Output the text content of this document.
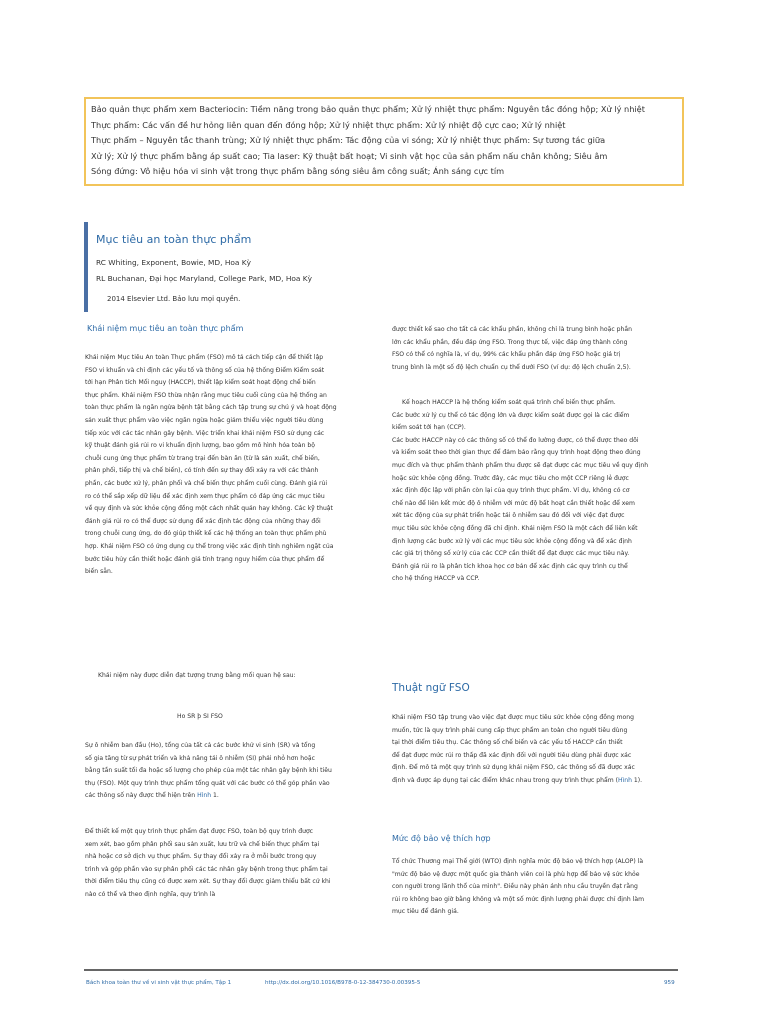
Bảo quản thực phẩm xem Bacteriocin: Tiềm năng trong bảo quản thực phẩm; Xử lý nhiệt thực phẩm: Nguyên tắc đóng hộp; Xử lý nhiệt
Thực phẩm: Các vấn đề hư hỏng liên quan đến đóng hộp; Xử lý nhiệt thực phẩm: Xử lý nhiệt độ cực cao; Xử lý nhiệt
Thực phẩm – Nguyên tắc thanh trùng; Xử lý nhiệt thực phẩm: Tác động của vi sóng; Xử lý nhiệt thực phẩm: Sự tương tác giữa
Xử lý; Xử lý thực phẩm bằng áp suất cao; Tia laser: Kỹ thuật bất hoạt; Vi sinh vật học của sản phẩm nấu chân không; Siêu âm
Sóng đứng: Vô hiệu hóa vi sinh vật trong thực phẩm bằng sóng siêu âm công suất; Ánh sáng cực tím
Mục tiêu an toàn thực phẩm
RC Whiting, Exponent, Bowie, MD, Hoa Kỳ
RL Buchanan, Đại học Maryland, College Park, MD, Hoa Kỳ
2014 Elsevier Ltd. Bảo lưu mọi quyền.
Khái niệm mục tiêu an toàn thực phẩm
Khái niệm Mục tiêu An toàn Thực phẩm (FSO) mô tả cách tiếp cận để thiết lập
FSO vi khuẩn và chỉ định các yếu tố và thông số của hệ thống Điểm Kiểm soát
tới hạn Phân tích Mối nguy (HACCP), thiết lập kiểm soát hoạt động chế biến
thực phẩm. Khái niệm FSO thừa nhận rằng mục tiêu cuối cùng của hệ thống an
toàn thực phẩm là ngăn ngừa bệnh tật bằng cách tập trung sự chú ý và hoạt động
sản xuất thực phẩm vào việc ngăn ngừa hoặc giảm thiểu việc người tiêu dùng
tiếp xúc với các tác nhân gây bệnh. Việc triển khai khái niệm FSO sử dụng các
kỹ thuật đánh giá rủi ro vi khuẩn định lượng, bao gồm mô hình hóa toàn bộ
chuỗi cung ứng thực phẩm từ trang trại đến bàn ăn (từ là sản xuất, chế biến,
phân phối, tiếp thị và chế biến), có tính đến sự thay đổi xảy ra với các thành
phần, các bước xử lý, phân phối và chế biến thực phẩm cuối cùng. Đánh giá rủi
ro có thể sắp xếp dữ liệu để xác định xem thực phẩm có đáp ứng các mục tiêu
về quy định và sức khỏe cộng đồng một cách nhất quán hay không. Các kỹ thuật
đánh giá rủi ro có thể được sử dụng để xác định tác động của những thay đổi
trong chuỗi cung ứng, do đó giúp thiết kế các hệ thống an toàn thực phẩm phù
hợp. Khái niệm FSO có ứng dụng cụ thể trong việc xác định tính nghiêm ngặt của
bước tiêu hủy cần thiết hoặc đánh giá tính trạng nguy hiểm của thực phẩm để
biến sẵn.
Khái niệm này được diễn đạt tượng trưng bằng mối quan hệ sau:
Ho SR þ SI FSO
Sự ô nhiễm ban đầu (Ho), tổng của tất cả các bước khử vi sinh (SR) và tổng
số gia tăng từ sự phát triển và khả năng tái ô nhiễm (SI) phải nhỏ hơn hoặc
bằng tần suất tối đa hoặc số lượng cho phép của một tác nhân gây bệnh khi tiêu
thụ (FSO). Một quy trình thực phẩm tổng quát với các bước có thể góp phần vào
các thông số này được thể hiện trên Hình 1.
Để thiết kế một quy trình thực phẩm đạt được FSO, toàn bộ quy trình được
xem xét, bao gồm phân phối sau sản xuất, lưu trữ và chế biến thực phẩm tại
nhà hoặc cơ sở dịch vụ thực phẩm. Sự thay đổi xảy ra ở mỗi bước trong quy
trình và góp phần vào sự phân phối các tác nhân gây bệnh trong thực phẩm tại
thời điểm tiêu thụ cũng có được xem xét. Sự thay đổi được giảm thiểu bất cứ khi
nào có thể và theo định nghĩa, quy trình là
được thiết kế sao cho tất cả các khẩu phần, không chỉ là trung bình hoặc phần
lớn các khẩu phần, đều đáp ứng FSO. Trong thực tế, việc đáp ứng thành công
FSO có thể có nghĩa là, ví dụ, 99% các khẩu phần đáp ứng FSO hoặc giá trị
trung bình là một số độ lệch chuẩn cụ thể dưới FSO (ví dụ: độ lệch chuẩn 2,5).
Kế hoạch HACCP là hệ thống kiểm soát quá trình chế biến thực phẩm.
Các bước xử lý cụ thể có tác động lớn và được kiểm soát được gọi là các điểm
kiểm soát tới hạn (CCP).
Các bước HACCP này có các thông số có thể đo lường được, có thể được theo dõi
và kiểm soát theo thời gian thực để đảm bảo rằng quy trình hoạt động theo đúng
mục đích và thực phẩm thành phẩm thu được sẽ đạt được các mục tiêu về quy định
hoặc sức khỏe cộng đồng. Trước đây, các mục tiêu cho một CCP riêng lẻ được
xác định độc lập với phần còn lại của quy trình thực phẩm. Ví dụ, không có cơ
chế nào để liên kết mức độ ô nhiễm với mức độ bất hoạt cần thiết hoặc để xem
xét tác động của sự phát triển hoặc tái ô nhiễm sau đó đối với việc đạt được
mục tiêu sức khỏe cộng đồng đã chỉ định. Khái niệm FSO là một cách để liên kết
định lượng các bước xử lý với các mục tiêu sức khỏe cộng đồng và để xác định
các giá trị thông số xử lý của các CCP cần thiết để đạt được các mục tiêu này.
Đánh giá rủi ro là phân tích khoa học cơ bản để xác định các quy trình cụ thể
cho hệ thống HACCP và CCP.
Thuật ngữ FSO
Khái niệm FSO tập trung vào việc đạt được mục tiêu sức khỏe cộng đồng mong
muốn, tức là quy trình phải cung cấp thực phẩm an toàn cho người tiêu dùng
tại thời điểm tiêu thụ. Các thông số chế biến và các yếu tố HACCP cần thiết
để đạt được mức rủi ro thấp đã xác định đối với người tiêu dùng phải được xác
định. Để mô tả một quy trình sử dụng khái niệm FSO, các thông số đã được xác
định và được áp dụng tại các điểm khác nhau trong quy trình thực phẩm (Hình 1).
Mức độ bảo vệ thích hợp
Tổ chức Thương mại Thế giới (WTO) định nghĩa mức độ bảo vệ thích hợp (ALOP) là
"mức độ bảo vệ được một quốc gia thành viên coi là phù hợp để bảo vệ sức khỏe
con người trong lãnh thổ của mình". Điều này phản ánh nhu cầu truyền đạt rằng
rủi ro không bao giờ bằng không và một số mức định lượng phải được chỉ định làm
mục tiêu để đánh giá.
Bách khoa toàn thư về vi sinh vật thực phẩm, Tập 1	http://dx.doi.org/10.1016/B978-0-12-384730-0.00395-5	959
